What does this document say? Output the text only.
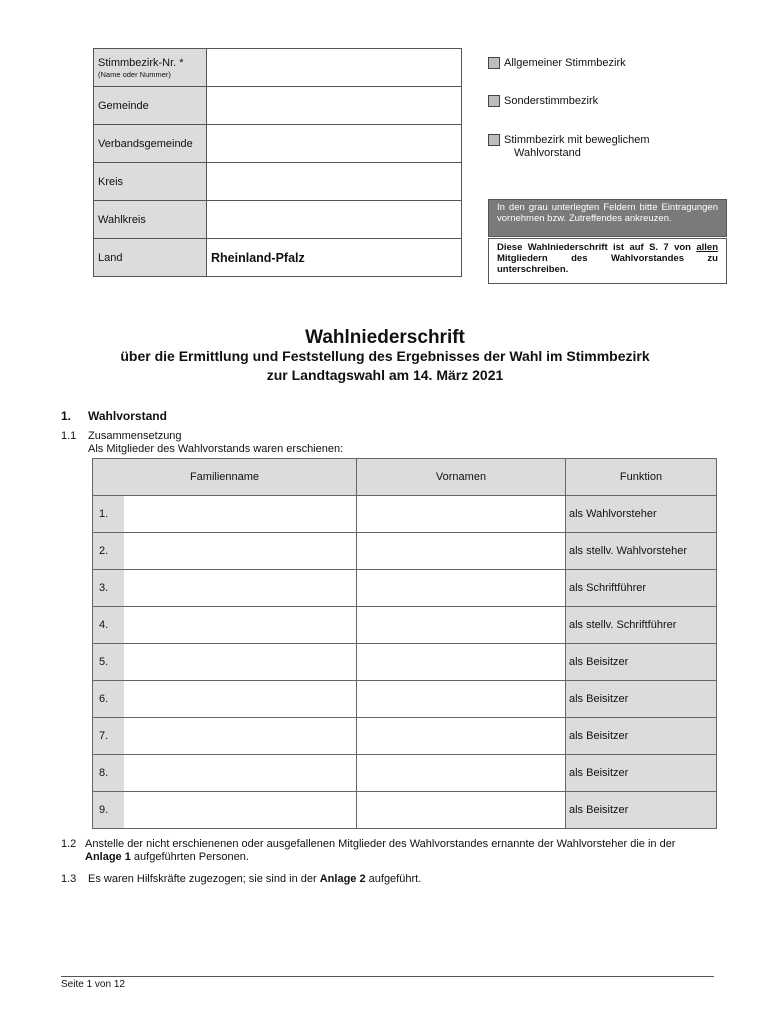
Stimmbezirk-Nr. *
(Name oder Nummer)	

Gemeinde	
Verbandsgemeinde	
Kreis	
Wahlkreis	
Land	Rheinland-Pfalz
Allgemeiner Stimmbezirk
Sonderstimmbezirk
Stimmbezirk mit beweglichem
Wahlvorstand
In den grau unterlegten Feldern bitte Eintragungen vornehmen bzw. Zutreffendes ankreuzen.
Diese Wahlniederschrift ist auf S. 7 von allen Mitgliedern des Wahlvorstandes zu unterschreiben.
Wahlniederschrift
über die Ermittlung und Feststellung des Ergebnisses der Wahl im Stimmbezirk
zur Landtagswahl am 14. März 2021
1. Wahlvorstand
1.1 Zusammensetzung
Als Mitglieder des Wahlvorstands waren erschienen:
Familienname		Vornamen	Funktion
1.			als Wahlvorsteher
2.			als stellv. Wahlvorsteher
3.			als Schriftführer
4.			als stellv. Schriftführer
5.			als Beisitzer
6.			als Beisitzer
7.			als Beisitzer
8.			als Beisitzer
9.			als Beisitzer
1.2 Anstelle der nicht erschienenen oder ausgefallenen Mitglieder des Wahlvorstandes ernannte der Wahlvorsteher die in der
Anlage 1 aufgeführten Personen.
1.3 Es waren Hilfskräfte zugezogen; sie sind in der Anlage 2 aufgeführt.
Seite 1 von 12
